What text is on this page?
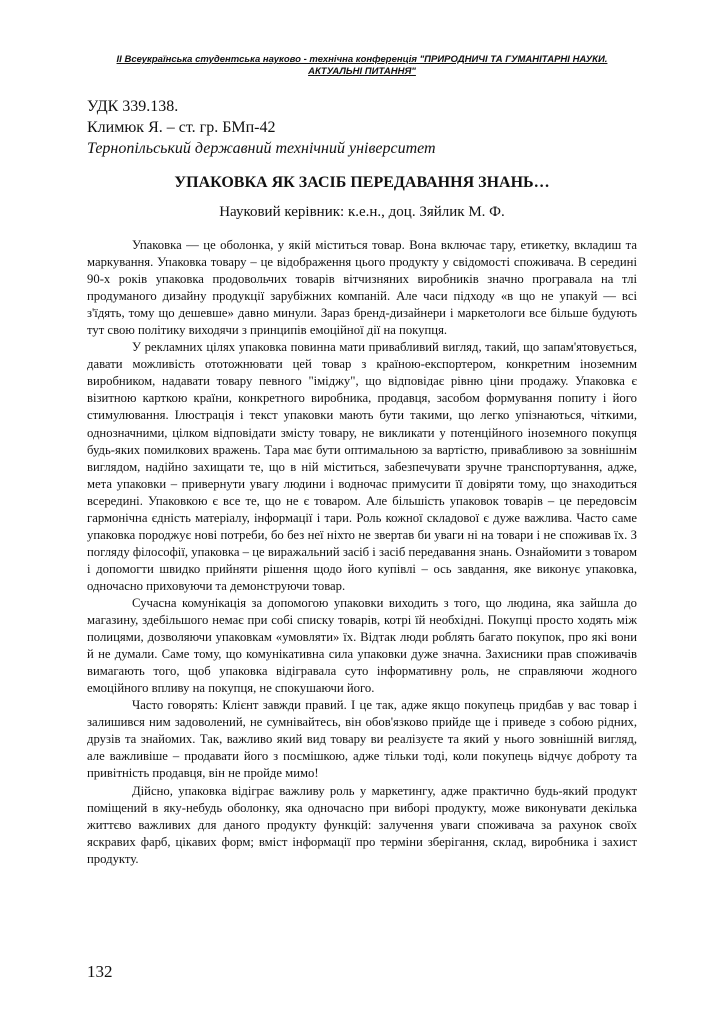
ІІ Всеукраїнська студентська науково - технічна конференція "ПРИРОДНИЧІ ТА ГУМАНІТАРНІ НАУКИ.
АКТУАЛЬНІ ПИТАННЯ"
УДК 339.138.
Климюк Я. – ст. гр. БМп-42
Тернопільський державний технічний університет
УПАКОВКА ЯК ЗАСІБ ПЕРЕДАВАННЯ ЗНАНЬ…
Науковий керівник: к.е.н., доц. Зяйлик М. Ф.

Упаковка — це оболонка, у якій міститься товар. Вона включає тару, етикетку, вкладиш та маркування. Упаковка товару – це відображення цього продукту у свідомості споживача. В середині 90-х років упаковка продовольчих товарів вітчизняних виробників значно програвала на тлі продуманого дизайну продукції зарубіжних компаній. Але часи підходу «в що не упакуй — всі з'їдять, тому що дешевше» давно минули. Зараз бренд-дизайнери і маркетологи все більше будують тут свою політику виходячи з принципів емоційної дії на покупця.

У рекламних цілях упаковка повинна мати привабливий вигляд, такий, що запам'ятовується, давати можливість ототожнювати цей товар з країною-експортером, конкретним іноземним виробником, надавати товару певного "іміджу", що відповідає рівню ціни продажу. Упаковка є візитною карткою країни, конкретного виробника, продавця, засобом формування попиту і його стимулювання. Ілюстрація і текст упаковки мають бути такими, що легко упізнаються, чіткими, однозначними, цілком відповідати змісту товару, не викликати у потенційного іноземного покупця будь-яких помилкових вражень. Тара має бути оптимальною за вартістю, привабливою за зовнішнім виглядом, надійно захищати те, що в ній міститься, забезпечувати зручне транспортування, адже, мета упаковки – привернути увагу людини і водночас примусити її довіряти тому, що знаходиться всередині. Упаковкою є все те, що не є товаром. Але більшість упаковок товарів – це передовсім гармонічна єдність матеріалу, інформації і тари. Роль кожної складової є дуже важлива. Часто саме упаковка породжує нові потреби, бо без неї ніхто не звертав би уваги ні на товари і не споживав їх. З погляду філософії, упаковка – це виражальний засіб і засіб передавання знань. Ознайомити з товаром і допомогти швидко прийняти рішення щодо його купівлі – ось завдання, яке виконує упаковка, одночасно приховуючи та демонструючи товар.

Сучасна комунікація за допомогою упаковки виходить з того, що людина, яка зайшла до магазину, здебільшого немає при собі списку товарів, котрі їй необхідні. Покупці просто ходять між полицями, дозволяючи упаковкам «умовляти» їх. Відтак люди роблять багато покупок, про які вони й не думали. Саме тому, що комунікативна сила упаковки дуже значна. Захисники прав споживачів вимагають того, щоб упаковка відігравала суто інформативну роль, не справляючи жодного емоційного впливу на покупця, не спокушаючи його.

Часто говорять: Клієнт завжди правий. І це так, адже якщо покупець придбав у вас товар і залишився ним задоволений, не сумнівайтесь, він обов'язково прийде ще і приведе з собою рідних, друзів та знайомих. Так, важливо який вид товару ви реалізуєте та який у нього зовнішній вигляд, але важливіше – продавати його з посмішкою, адже тільки тоді, коли покупець відчує доброту та привітність продавця, він не пройде мимо!

Дійсно, упаковка відіграє важливу роль у маркетингу, адже практично будь-який продукт поміщений в яку-небудь оболонку, яка одночасно при виборі продукту, може виконувати декілька життєво важливих для даного продукту функцій: залучення уваги споживача за рахунок своїх яскравих фарб, цікавих форм; вміст інформації про терміни зберігання, склад, виробника і захист продукту.

132
